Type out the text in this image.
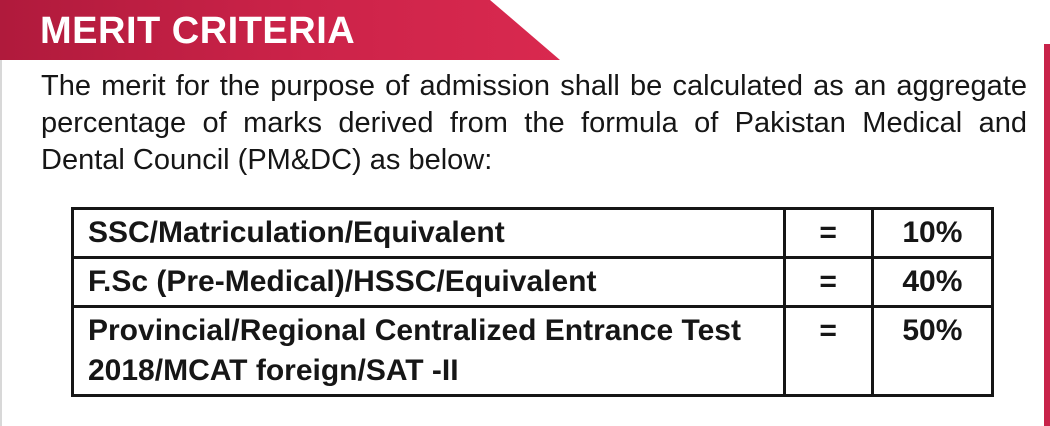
MERIT CRITERIA

The merit for the purpose of admission shall be calculated as an aggregate percentage of marks derived from the formula of Pakistan Medical and Dental Council (PM&DC) as below:

SSC/Matriculation/Equivalent	=	10%
F.Sc (Pre-Medical)/HSSC/Equivalent	=	40%
Provincial/Regional Centralized Entrance Test 2018/MCAT foreign/SAT -II	=	50%
